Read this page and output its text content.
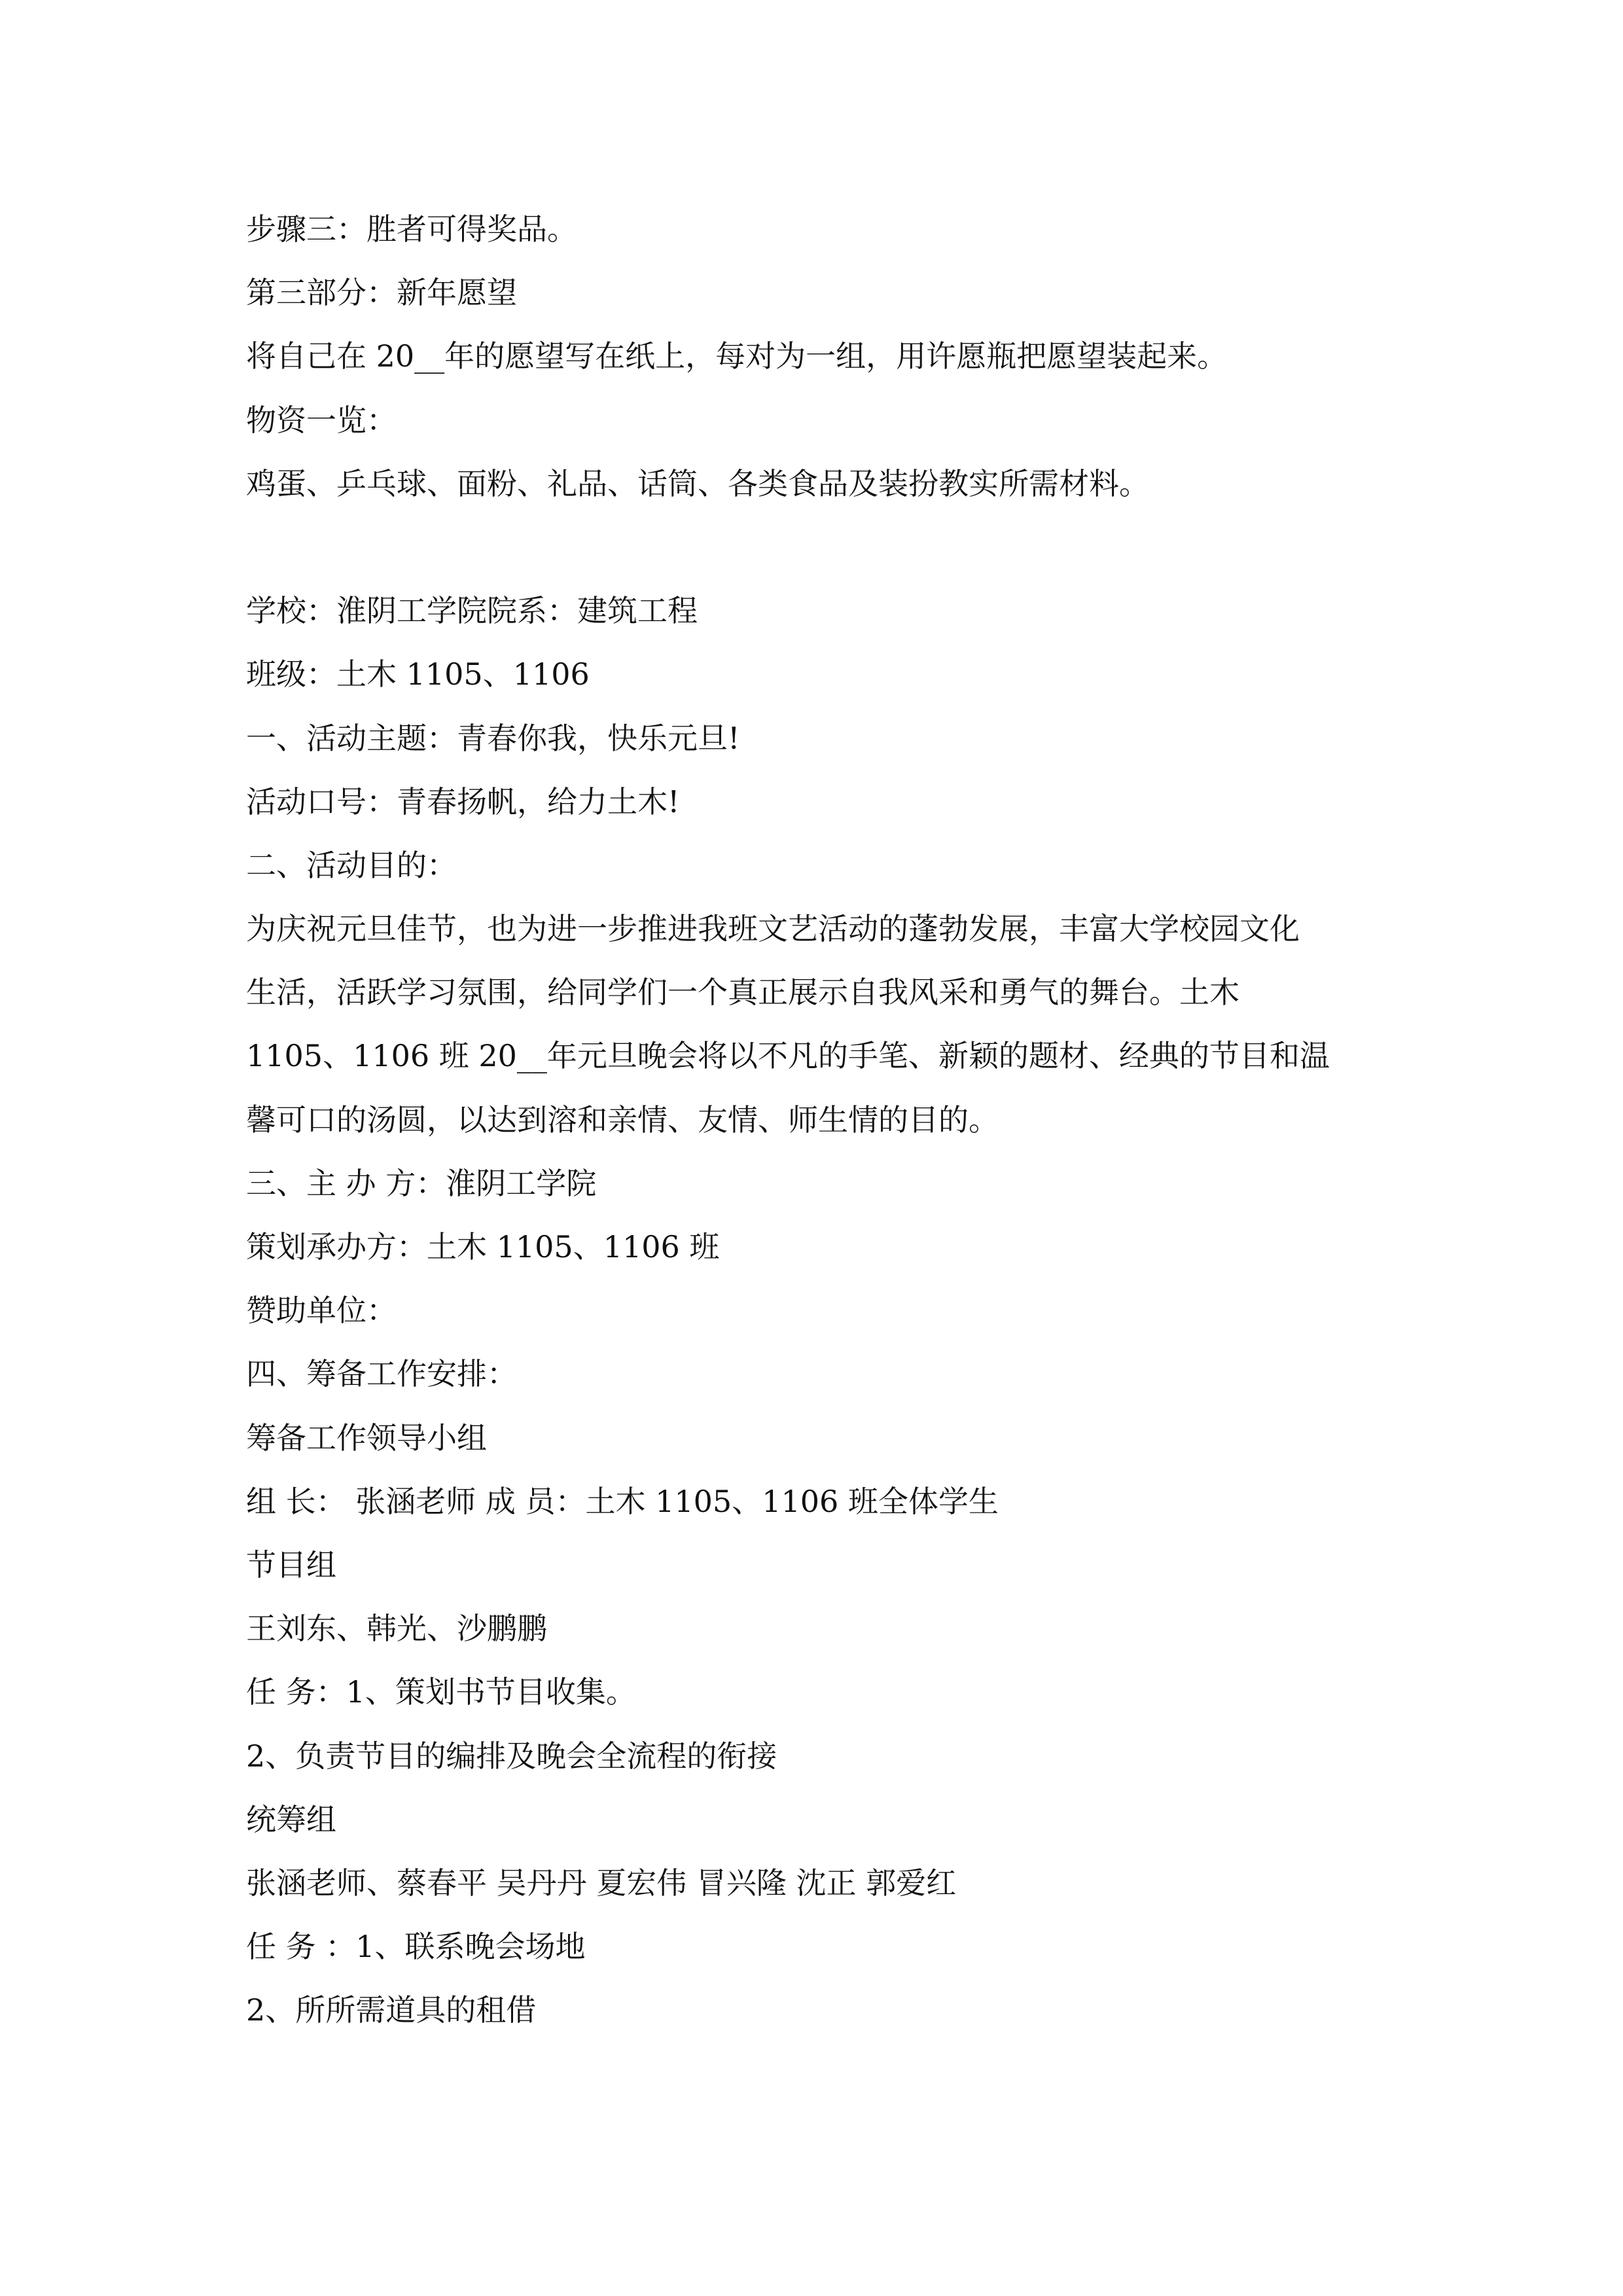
步骤三：胜者可得奖品。

第三部分：新年愿望

将自己在 20__年的愿望写在纸上，每对为一组，用许愿瓶把愿望装起来。

物资一览：

鸡蛋、乒乓球、面粉、礼品、话筒、各类食品及装扮教实所需材料。

学校：淮阴工学院院系：建筑工程

班级：土木 1105、1106

一、活动主题：青春你我，快乐元旦!

活动口号：青春扬帆，给力土木!

二、活动目的：

为庆祝元旦佳节，也为进一步推进我班文艺活动的蓬勃发展，丰富大学校园文化

生活，活跃学习氛围，给同学们一个真正展示自我风采和勇气的舞台。土木

1105、1106 班 20__年元旦晚会将以不凡的手笔、新颖的题材、经典的节目和温

馨可口的汤圆，以达到溶和亲情、友情、师生情的目的。

三、主 办 方：淮阴工学院

策划承办方：土木 1105、1106 班

赞助单位：

四、筹备工作安排：

筹备工作领导小组

组 长： 张涵老师 成 员：土木 1105、1106 班全体学生

节目组

王刘东、韩光、沙鹏鹏

任 务：1、策划书节目收集。

2、负责节目的编排及晚会全流程的衔接

统筹组

张涵老师、蔡春平 吴丹丹 夏宏伟 冒兴隆 沈正 郭爱红

任 务 ：1、联系晚会场地

2、所所需道具的租借
